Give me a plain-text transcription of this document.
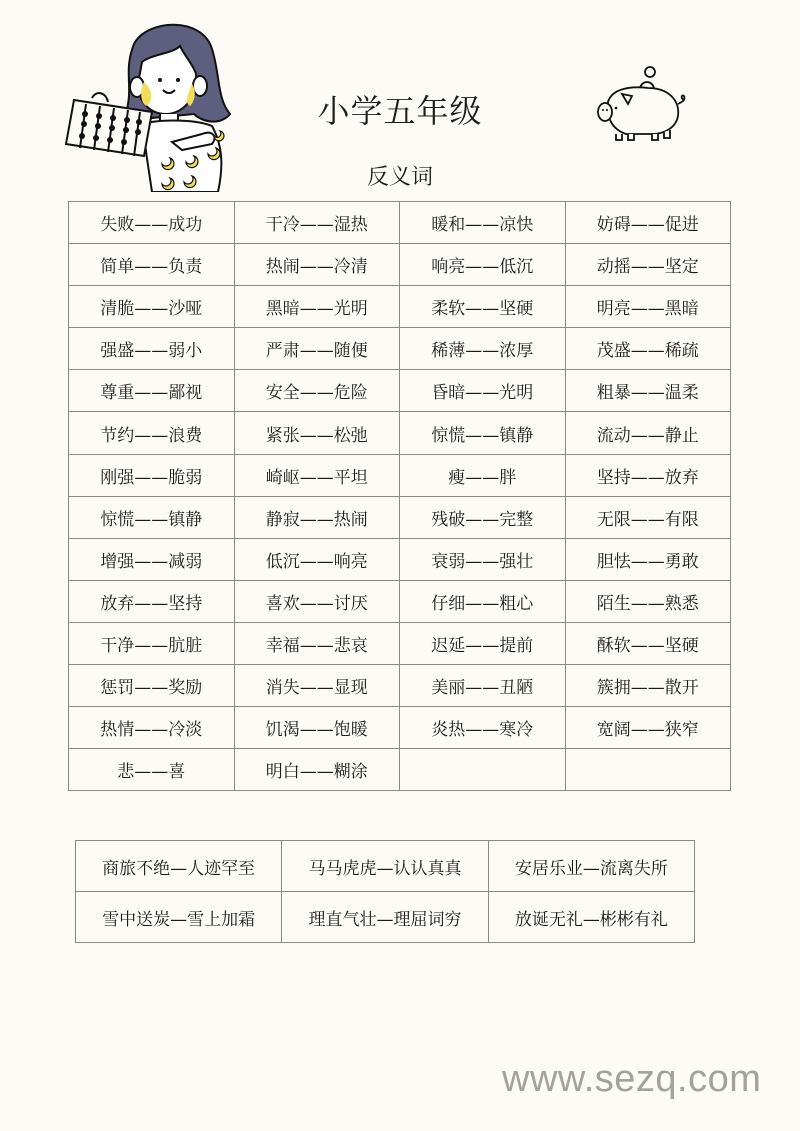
小学五年级
反义词
失败——成功	干冷——湿热	暖和——凉快	妨碍——促进
简单——负责	热闹——冷清	响亮——低沉	动摇——坚定
清脆——沙哑	黑暗——光明	柔软——坚硬	明亮——黑暗
强盛——弱小	严肃——随便	稀薄——浓厚	茂盛——稀疏
尊重——鄙视	安全——危险	昏暗——光明	粗暴——温柔
节约——浪费	紧张——松弛	惊慌——镇静	流动——静止
刚强——脆弱	崎岖——平坦	瘦——胖	坚持——放弃
惊慌——镇静	静寂——热闹	残破——完整	无限——有限
增强——减弱	低沉——响亮	衰弱——强壮	胆怯——勇敢
放弃——坚持	喜欢——讨厌	仔细——粗心	陌生——熟悉
干净——肮脏	幸福——悲哀	迟延——提前	酥软——坚硬
惩罚——奖励	消失——显现	美丽——丑陋	簇拥——散开
热情——冷淡	饥渴——饱暖	炎热——寒冷	宽阔——狭窄
悲——喜	明白——糊涂		
商旅不绝—人迹罕至	马马虎虎—认认真真	安居乐业—流离失所
雪中送炭—雪上加霜	理直气壮—理屈词穷	放诞无礼—彬彬有礼
www.sezq.com
